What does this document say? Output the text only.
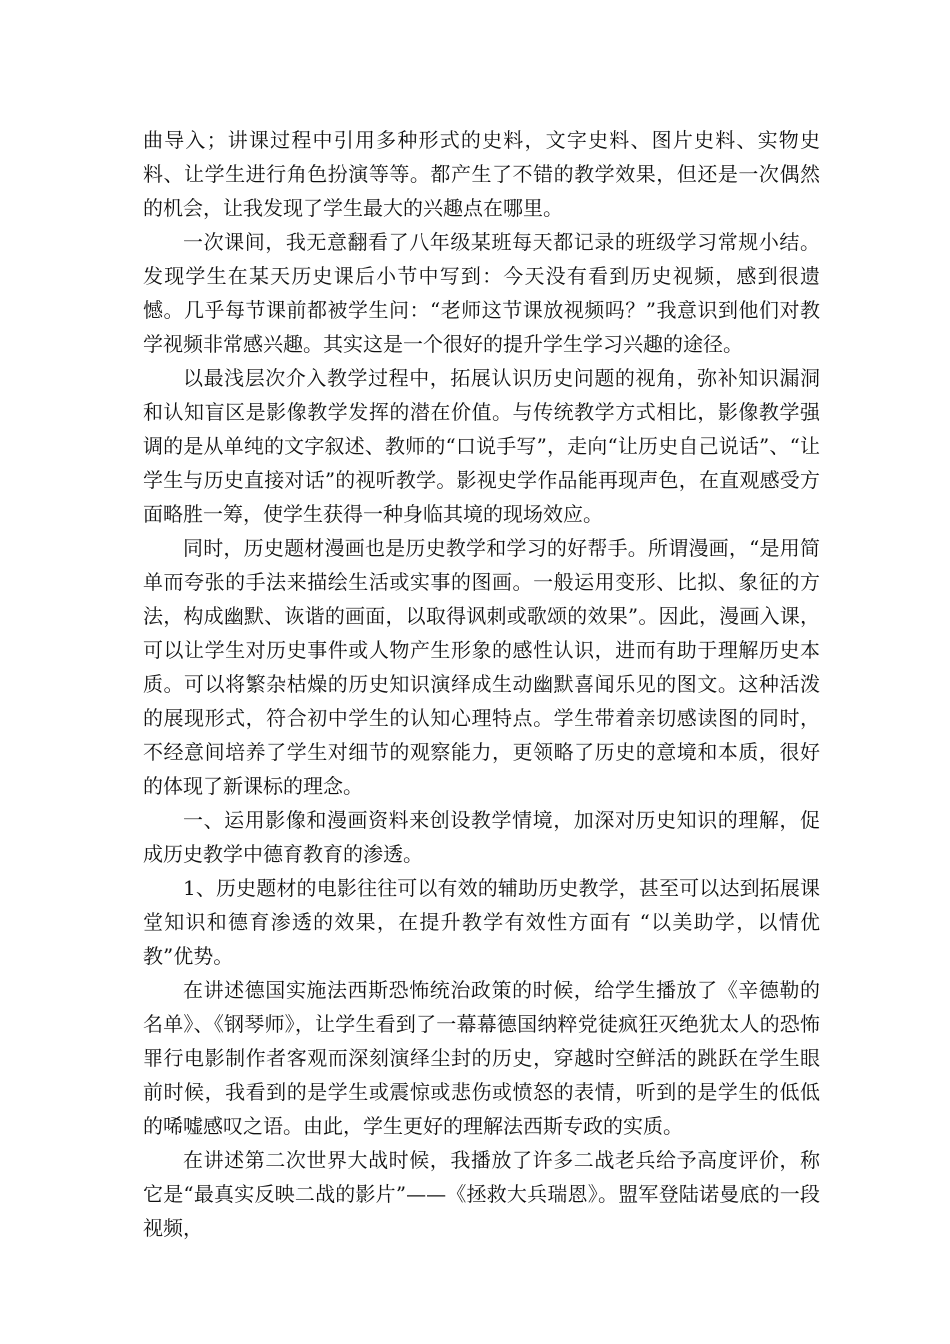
曲导入；讲课过程中引用多种形式的史料，文字史料、图片史料、实物史料、让学生进行角色扮演等等。都产生了不错的教学效果，但还是一次偶然的机会，让我发现了学生最大的兴趣点在哪里。

一次课间，我无意翻看了八年级某班每天都记录的班级学习常规小结。发现学生在某天历史课后小节中写到：今天没有看到历史视频，感到很遗憾。几乎每节课前都被学生问：“老师这节课放视频吗？”我意识到他们对教学视频非常感兴趣。其实这是一个很好的提升学生学习兴趣的途径。

以最浅层次介入教学过程中，拓展认识历史问题的视角，弥补知识漏洞和认知盲区是影像教学发挥的潜在价值。与传统教学方式相比，影像教学强调的是从单纯的文字叙述、教师的“口说手写”，走向“让历史自己说话”、“让学生与历史直接对话”的视听教学。影视史学作品能再现声色，在直观感受方面略胜一筹，使学生获得一种身临其境的现场效应。

同时，历史题材漫画也是历史教学和学习的好帮手。所谓漫画，“是用简单而夸张的手法来描绘生活或实事的图画。一般运用变形、比拟、象征的方法，构成幽默、诙谐的画面，以取得讽刺或歌颂的效果”。因此，漫画入课，可以让学生对历史事件或人物产生形象的感性认识，进而有助于理解历史本质。可以将繁杂枯燥的历史知识演绎成生动幽默喜闻乐见的图文。这种活泼的展现形式，符合初中学生的认知心理特点。学生带着亲切感读图的同时，不经意间培养了学生对细节的观察能力，更领略了历史的意境和本质，很好的体现了新课标的理念。

一、运用影像和漫画资料来创设教学情境，加深对历史知识的理解，促成历史教学中德育教育的渗透。

1、历史题材的电影往往可以有效的辅助历史教学，甚至可以达到拓展课堂知识和德育渗透的效果，在提升教学有效性方面有 “以美助学，以情优教”优势。

在讲述德国实施法西斯恐怖统治政策的时候，给学生播放了《辛德勒的名单》、《钢琴师》，让学生看到了一幕幕德国纳粹党徒疯狂灭绝犹太人的恐怖罪行电影制作者客观而深刻演绎尘封的历史，穿越时空鲜活的跳跃在学生眼前时候，我看到的是学生或震惊或悲伤或愤怒的表情，听到的是学生的低低的唏嘘感叹之语。由此，学生更好的理解法西斯专政的实质。

在讲述第二次世界大战时候，我播放了许多二战老兵给予高度评价，称它是“最真实反映二战的影片”——《拯救大兵瑞恩》。盟军登陆诺曼底的一段视频，
